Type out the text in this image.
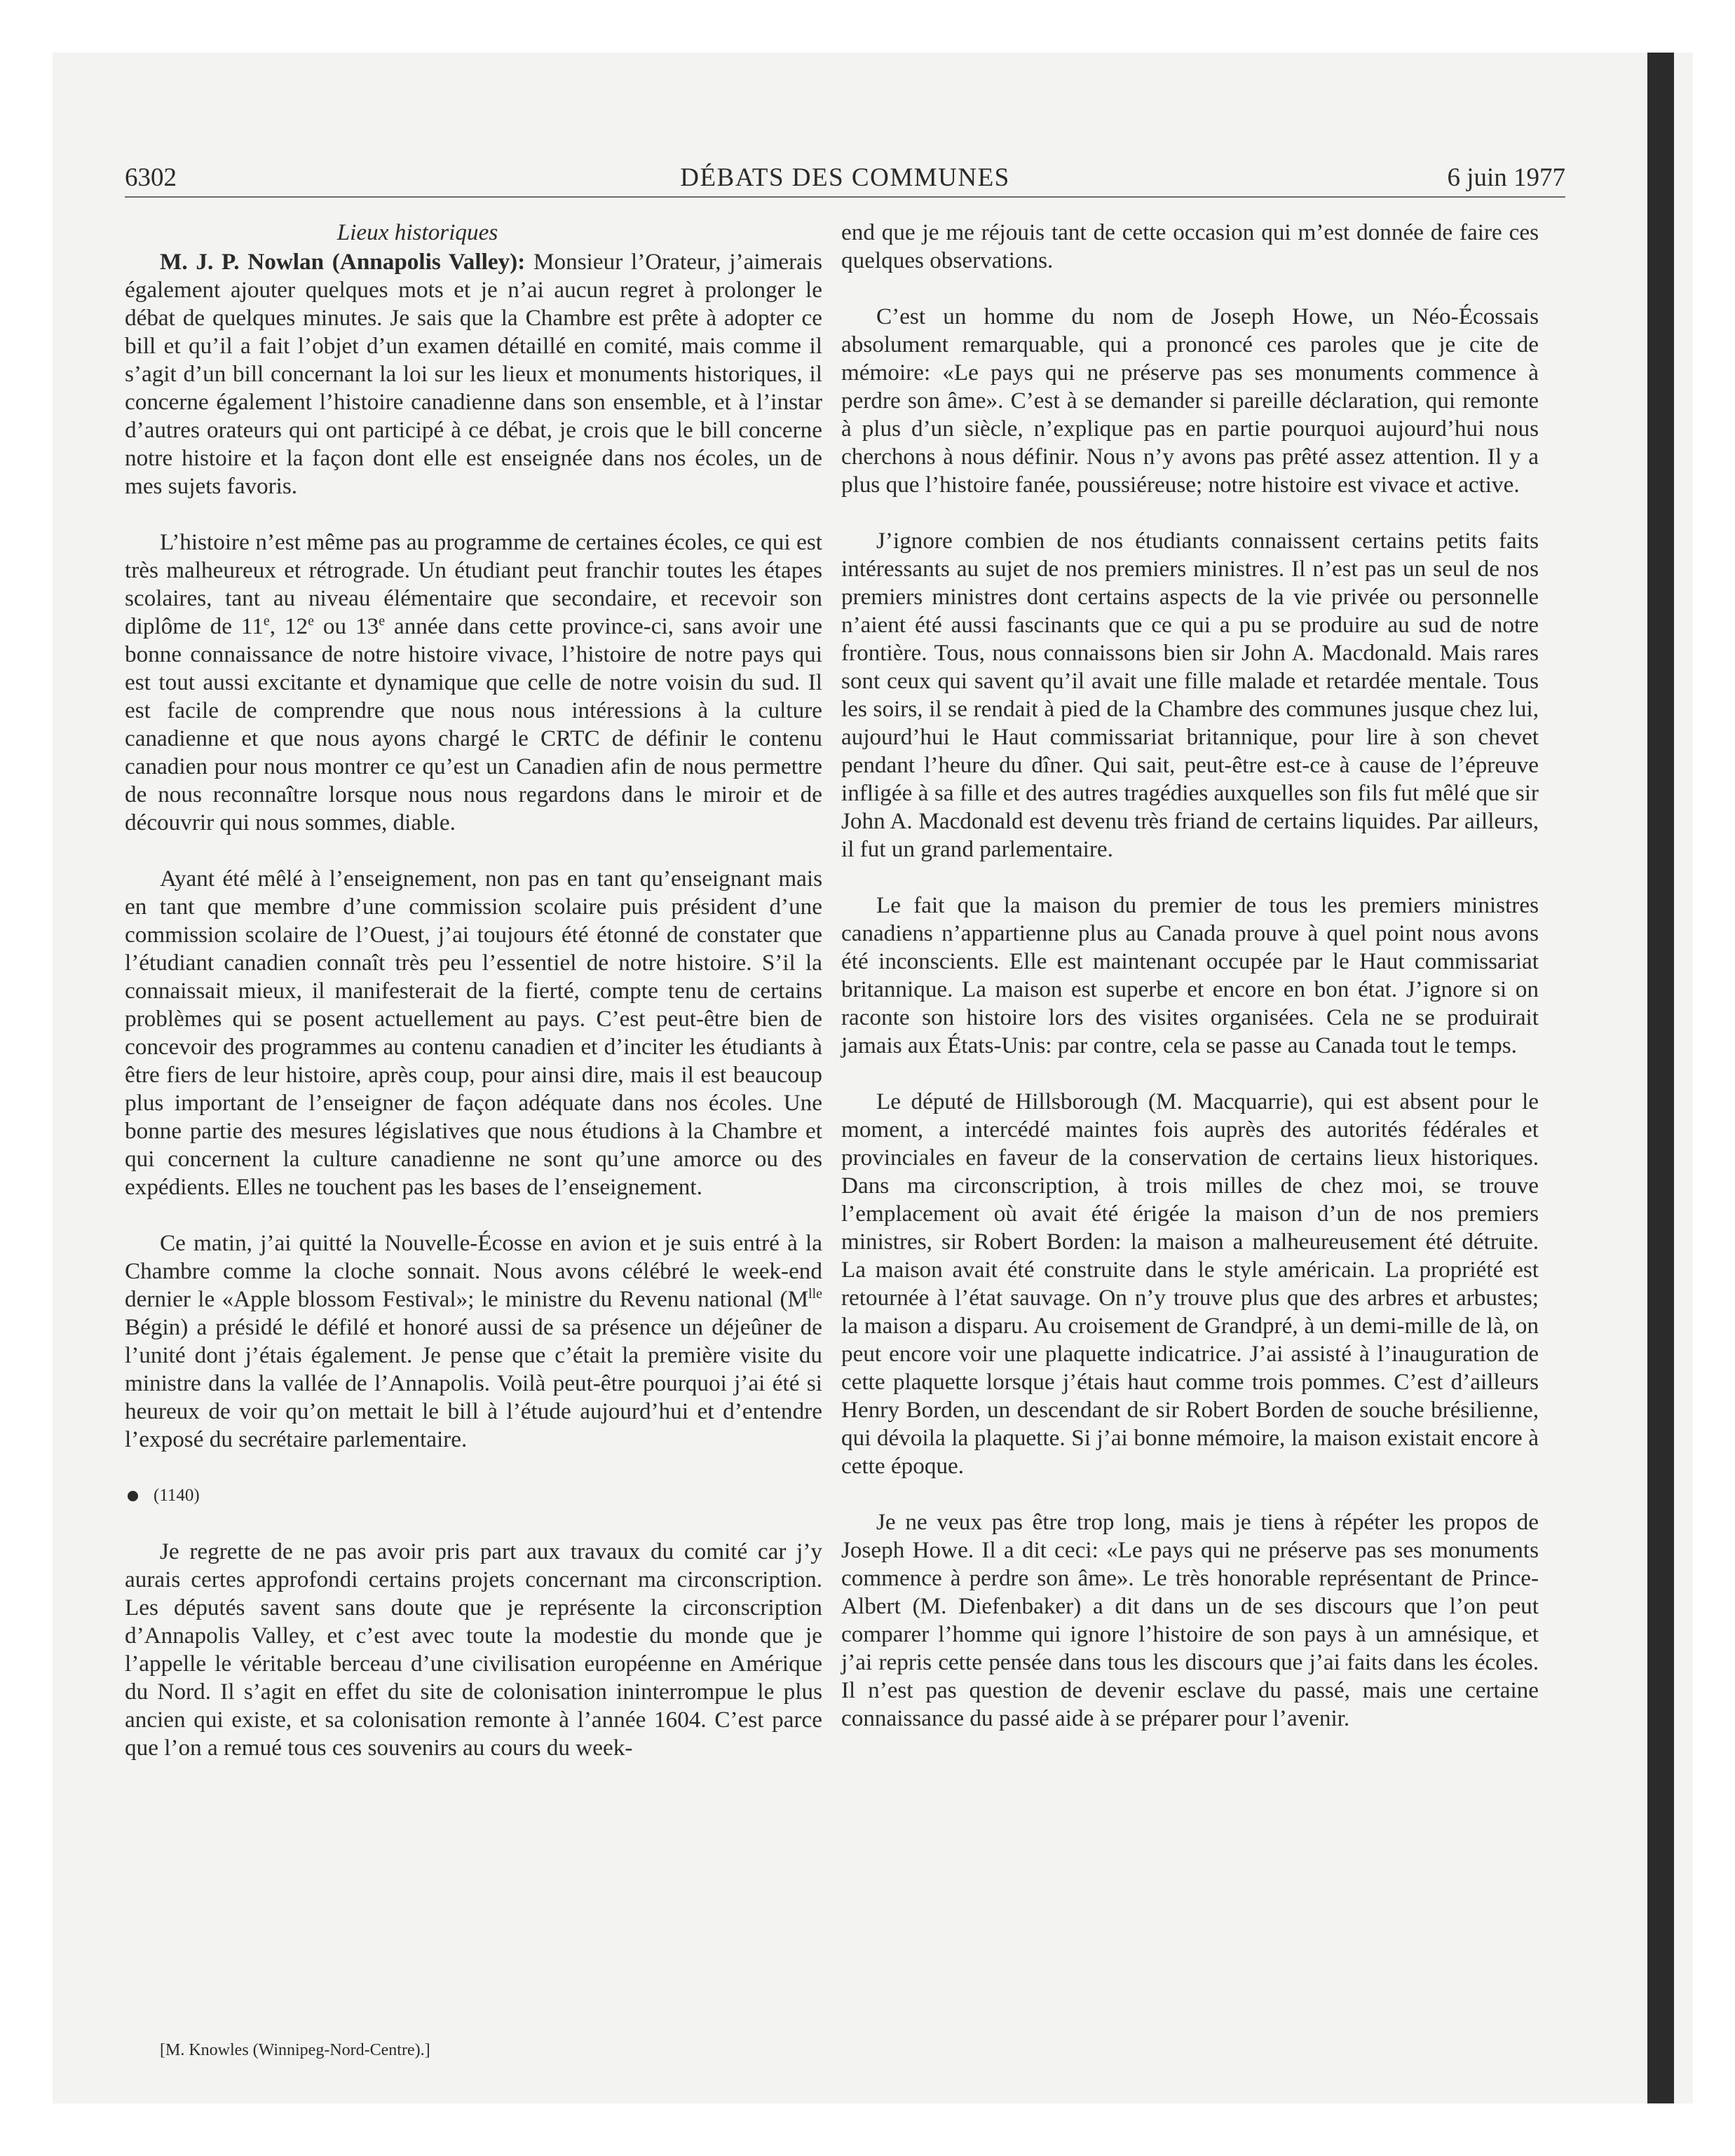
6302	DÉBATS DES COMMUNES	6 juin 1977
Lieux historiques

M. J. P. Nowlan (Annapolis Valley): Monsieur l’Orateur, j’aimerais également ajouter quelques mots et je n’ai aucun regret à prolonger le débat de quelques minutes. Je sais que la Chambre est prête à adopter ce bill et qu’il a fait l’objet d’un examen détaillé en comité, mais comme il s’agit d’un bill concernant la loi sur les lieux et monuments historiques, il concerne également l’histoire canadienne dans son ensemble, et à l’instar d’autres orateurs qui ont participé à ce débat, je crois que le bill concerne notre histoire et la façon dont elle est enseignée dans nos écoles, un de mes sujets favoris.

L’histoire n’est même pas au programme de certaines écoles, ce qui est très malheureux et rétrograde. Un étudiant peut franchir toutes les étapes scolaires, tant au niveau élémentaire que secondaire, et recevoir son diplôme de 11e, 12e ou 13e année dans cette province-ci, sans avoir une bonne connaissance de notre histoire vivace, l’histoire de notre pays qui est tout aussi excitante et dynamique que celle de notre voisin du sud. Il est facile de comprendre que nous nous intéressions à la culture canadienne et que nous ayons chargé le CRTC de définir le contenu canadien pour nous montrer ce qu’est un Canadien afin de nous permettre de nous reconnaître lorsque nous nous regardons dans le miroir et de découvrir qui nous sommes, diable.

Ayant été mêlé à l’enseignement, non pas en tant qu’enseignant mais en tant que membre d’une commission scolaire puis président d’une commission scolaire de l’Ouest, j’ai toujours été étonné de constater que l’étudiant canadien connaît très peu l’essentiel de notre histoire. S’il la connaissait mieux, il manifesterait de la fierté, compte tenu de certains problèmes qui se posent actuellement au pays. C’est peut-être bien de concevoir des programmes au contenu canadien et d’inciter les étudiants à être fiers de leur histoire, après coup, pour ainsi dire, mais il est beaucoup plus important de l’enseigner de façon adéquate dans nos écoles. Une bonne partie des mesures législatives que nous étudions à la Chambre et qui concernent la culture canadienne ne sont qu’une amorce ou des expédients. Elles ne touchent pas les bases de l’enseignement.

Ce matin, j’ai quitté la Nouvelle-Écosse en avion et je suis entré à la Chambre comme la cloche sonnait. Nous avons célébré le week-end dernier le «Apple blossom Festival»; le ministre du Revenu national ($M^{lle}$ Bégin) a présidé le défilé et honoré aussi de sa présence un déjeûner de l’unité dont j’étais également. Je pense que c’était la première visite du ministre dans la vallée de l’Annapolis. Voilà peut-être pourquoi j’ai été si heureux de voir qu’on mettait le bill à l’étude aujourd’hui et d’entendre l’exposé du secrétaire parlementaire.

(1140)

Je regrette de ne pas avoir pris part aux travaux du comité car j’y aurais certes approfondi certains projets concernant ma circonscription. Les députés savent sans doute que je représente la circonscription d’Annapolis Valley, et c’est avec toute la modestie du monde que je l’appelle le véritable berceau d’une civilisation européenne en Amérique du Nord. Il s’agit en effet du site de colonisation ininterrompue le plus ancien qui existe, et sa colonisation remonte à l’année 1604. C’est parce que l’on a remué tous ces souvenirs au cours du week-

end que je me réjouis tant de cette occasion qui m’est donnée de faire ces quelques observations.

C’est un homme du nom de Joseph Howe, un Néo-Écossais absolument remarquable, qui a prononcé ces paroles que je cite de mémoire: «Le pays qui ne préserve pas ses monuments commence à perdre son âme». C’est à se demander si pareille déclaration, qui remonte à plus d’un siècle, n’explique pas en partie pourquoi aujourd’hui nous cherchons à nous définir. Nous n’y avons pas prêté assez attention. Il y a plus que l’histoire fanée, poussiéreuse; notre histoire est vivace et active.

J’ignore combien de nos étudiants connaissent certains petits faits intéressants au sujet de nos premiers ministres. Il n’est pas un seul de nos premiers ministres dont certains aspects de la vie privée ou personnelle n’aient été aussi fascinants que ce qui a pu se produire au sud de notre frontière. Tous, nous connaissons bien sir John A. Macdonald. Mais rares sont ceux qui savent qu’il avait une fille malade et retardée mentale. Tous les soirs, il se rendait à pied de la Chambre des communes jusque chez lui, aujourd’hui le Haut commissariat britannique, pour lire à son chevet pendant l’heure du dîner. Qui sait, peut-être est-ce à cause de l’épreuve infligée à sa fille et des autres tragédies auxquelles son fils fut mêlé que sir John A. Macdonald est devenu très friand de certains liquides. Par ailleurs, il fut un grand parlementaire.

Le fait que la maison du premier de tous les premiers ministres canadiens n’appartienne plus au Canada prouve à quel point nous avons été inconscients. Elle est maintenant occupée par le Haut commissariat britannique. La maison est superbe et encore en bon état. J’ignore si on raconte son histoire lors des visites organisées. Cela ne se produirait jamais aux États-Unis: par contre, cela se passe au Canada tout le temps.

Le député de Hillsborough (M. Macquarrie), qui est absent pour le moment, a intercédé maintes fois auprès des autorités fédérales et provinciales en faveur de la conservation de certains lieux historiques. Dans ma circonscription, à trois milles de chez moi, se trouve l’emplacement où avait été érigée la maison d’un de nos premiers ministres, sir Robert Borden: la maison a malheureusement été détruite. La maison avait été construite dans le style américain. La propriété est retournée à l’état sauvage. On n’y trouve plus que des arbres et arbustes; la maison a disparu. Au croisement de Grandpré, à un demi-mille de là, on peut encore voir une plaquette indicatrice. J’ai assisté à l’inauguration de cette plaquette lorsque j’étais haut comme trois pommes. C’est d’ailleurs Henry Borden, un descendant de sir Robert Borden de souche brésilienne, qui dévoila la plaquette. Si j’ai bonne mémoire, la maison existait encore à cette époque.

Je ne veux pas être trop long, mais je tiens à répéter les propos de Joseph Howe. Il a dit ceci: «Le pays qui ne préserve pas ses monuments commence à perdre son âme». Le très honorable représentant de Prince-Albert (M. Diefenbaker) a dit dans un de ses discours que l’on peut comparer l’homme qui ignore l’histoire de son pays à un amnésique, et j’ai repris cette pensée dans tous les discours que j’ai faits dans les écoles. Il n’est pas question de devenir esclave du passé, mais une certaine connaissance du passé aide à se préparer pour l’avenir.

[M. Knowles (Winnipeg-Nord-Centre).]
